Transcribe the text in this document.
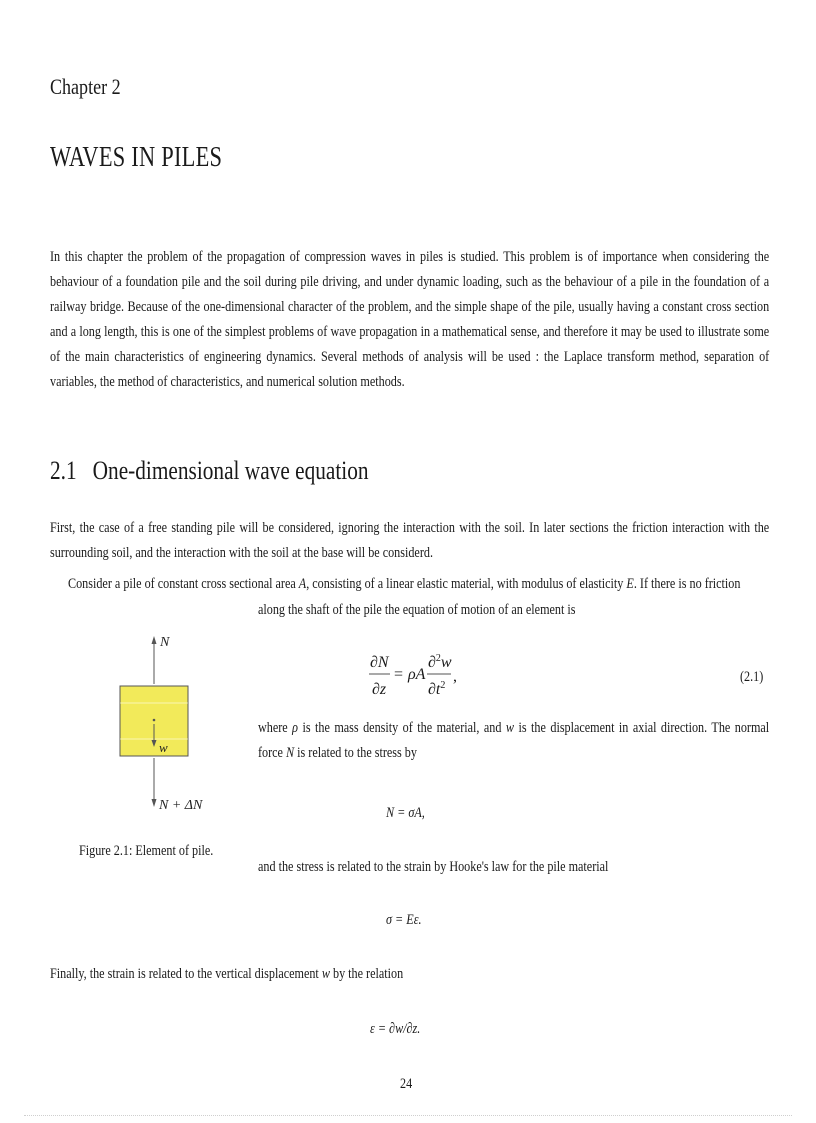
Chapter 2
WAVES IN PILES
In this chapter the problem of the propagation of compression waves in piles is studied. This problem is of importance when considering the behaviour of a foundation pile and the soil during pile driving, and under dynamic loading, such as the behaviour of a pile in the foundation of a railway bridge. Because of the one-dimensional character of the problem, and the simple shape of the pile, usually having a constant cross section and a long length, this is one of the simplest problems of wave propagation in a mathematical sense, and therefore it may be used to illustrate some of the main characteristics of engineering dynamics. Several methods of analysis will be used : the Laplace transform method, separation of variables, the method of characteristics, and numerical solution methods.
2.1 One-dimensional wave equation
First, the case of a free standing pile will be considered, ignoring the interaction with the soil. In later sections the friction interaction with the surrounding soil, and the interaction with the soil at the base will be considerd.
Consider a pile of constant cross sectional area A, consisting of a linear elastic material, with modulus of elasticity E. If there is no friction
along the shaft of the pile the equation of motion of an element is
N
w
N + ΔN
Figure 2.1: Element of pile.
∂N
∂z
= ρA
∂$^2$w
$\partial t^2$
,	(2.1)
where ρ is the mass density of the material, and w is the displacement in axial direction. The normal force N is related to the stress by
N = σA,
and the stress is related to the strain by Hooke's law for the pile material
σ = Eε.
Finally, the strain is related to the vertical displacement w by the relation
ε = ∂w/∂z.
24
